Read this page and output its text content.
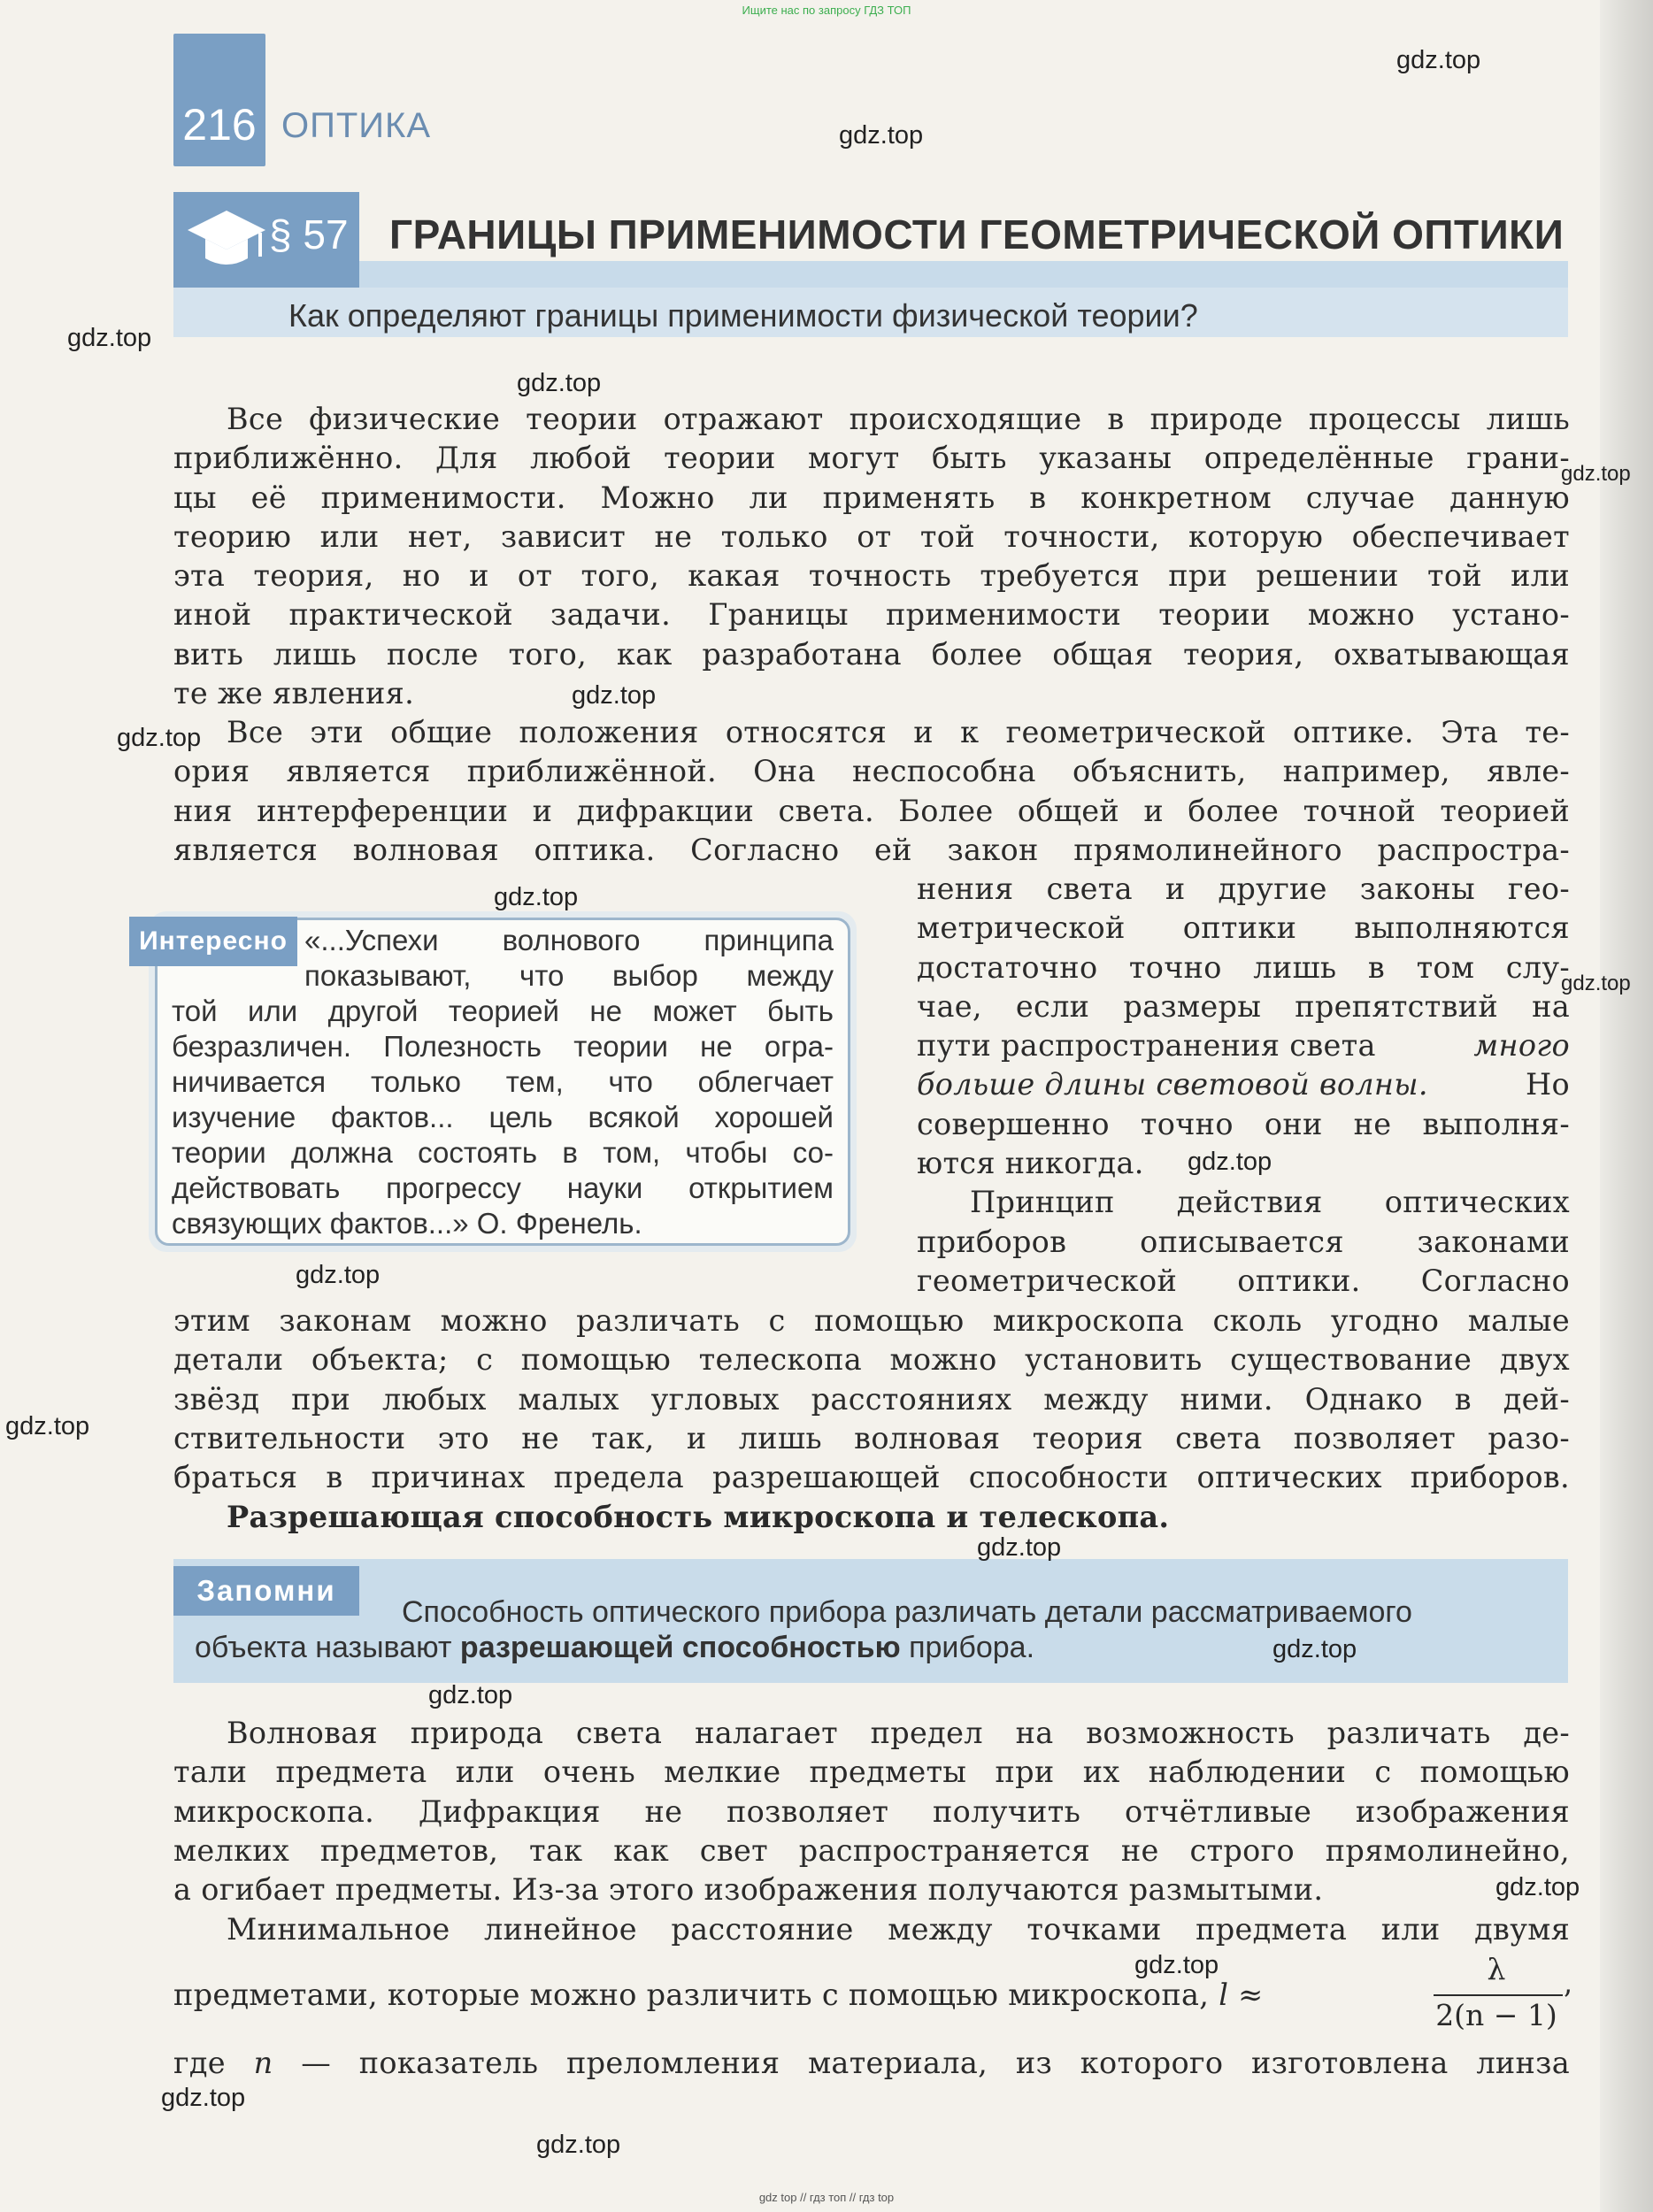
Ищите нас по запросу ГДЗ ТОП
216 ОПТИКА
§ 57 ГРАНИЦЫ ПРИМЕНИМОСТИ ГЕОМЕТРИЧЕСКОЙ ОПТИКИ
Как определяют границы применимости физической теории?
Все физические теории отражают происходящие в природе процессы лишь
приближённо. Для любой теории могут быть указаны определённые грани-
цы её применимости. Можно ли применять в конкретном случае данную
теорию или нет, зависит не только от той точности, которую обеспечивает
эта теория, но и от того, какая точность требуется при решении той или
иной практической задачи. Границы применимости теории можно устано-
вить лишь после того, как разработана более общая теория, охватывающая
те же явления.
Все эти общие положения относятся и к геометрической оптике. Эта те-
ория является приближённой. Она неспособна объяснить, например, явле-
ния интерференции и дифракции света. Более общей и более точной теорией
является волновая оптика. Согласно ей закон прямолинейного распростра-
нения света и другие законы гео-
метрической оптики выполняются
достаточно точно лишь в том слу-
чае, если размеры препятствий на
пути распространения света	много
больше длины световой волны.	Но
совершенно точно они не выполня-
ются никогда.
Принцип действия оптических
приборов описывается законами
геометрической оптики. Согласно
Интересно «...Успехи волнового принципа
показывают, что выбор между
той или другой теорией не может быть
безразличен. Полезность теории не огра-
ничивается только тем, что облегчает
изучение фактов... цель всякой хорошей
теории должна состоять в том, чтобы со-
действовать прогрессу науки открытием
связующих фактов...» О. Френель.
этим законам можно различать с помощью микроскопа сколь угодно малые
детали объекта; с помощью телескопа можно установить существование двух
звёзд при любых малых угловых расстояниях между ними. Однако в дей-
ствительности это не так, и лишь волновая теория света позволяет разо-
браться в причинах предела разрешающей способности оптических приборов.
Разрешающая способность микроскопа и телескопа.
Запомни
Способность оптического прибора различать детали рассматриваемого
объекта называют разрешающей способностью прибора.
Волновая природа света налагает предел на возможность различать де-
тали предмета или очень мелкие предметы при их наблюдении с помощью
микроскопа. Дифракция не позволяет получить отчётливые изображения
мелких предметов, так как свет распространяется не строго прямолинейно,
а огибает предметы. Из-за этого изображения получаются размытыми.
Минимальное линейное расстояние между точками предмета или двумя
предметами, которые можно различить с помощью микроскопа, l ≈
λ
2(n − 1) ’
где n — показатель преломления материала, из которого изготовлена линза
gdz.top
gdz.top
gdz.top
gdz.top
gdz.top
gdz.top
gdz.top
gdz.top
gdz.top
gdz.top
gdz.top
gdz.top
gdz.top
gdz.top
gdz.top
gdz.top
gdz.top
gdz.top
gdz.top
gdz top // гдз топ // гдз top
